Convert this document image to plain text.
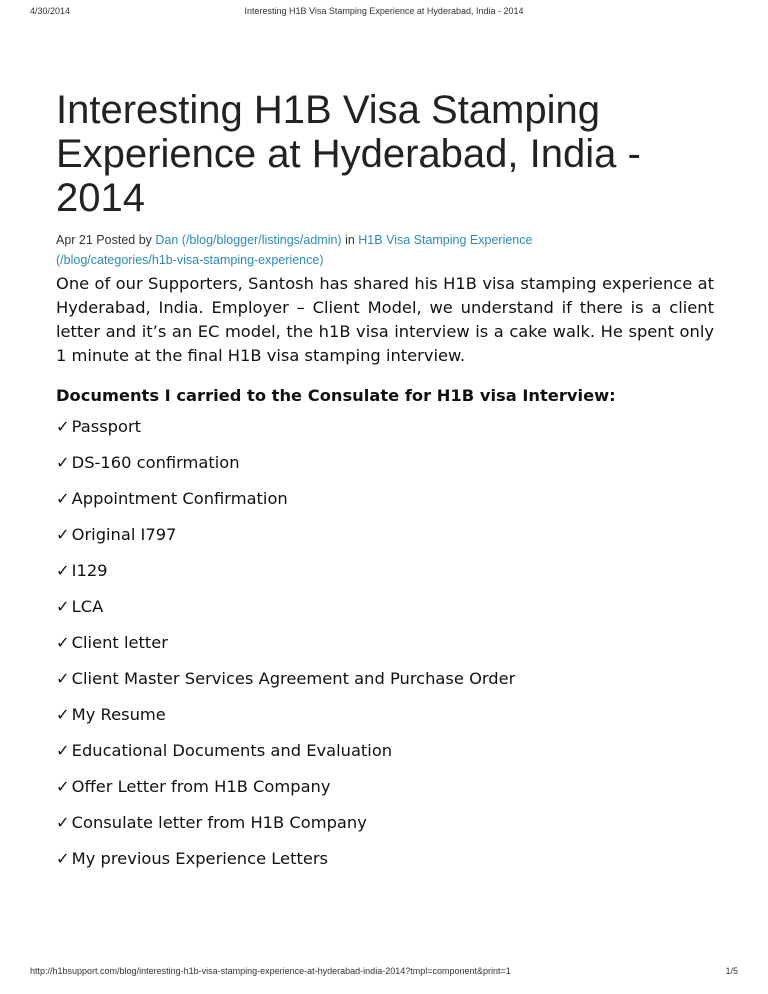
4/30/2014	Interesting H1B Visa Stamping Experience at Hyderabad, India - 2014
Interesting H1B Visa Stamping Experience at Hyderabad, India - 2014
Apr 21 Posted by Dan (/blog/blogger/listings/admin) in H1B Visa Stamping Experience
(/blog/categories/h1b-visa-stamping-experience)

One of our Supporters, Santosh has shared his H1B visa stamping experience at Hyderabad, India. Employer – Client Model, we understand if there is a client letter and it’s an EC model, the h1B visa interview is a cake walk. He spent only 1 minute at the final H1B visa stamping interview.

Documents I carried to the Consulate for H1B visa Interview:
✓ Passport
✓ DS-160 confirmation
✓ Appointment Confirmation
✓ Original I797
✓ I129
✓ LCA
✓ Client letter
✓ Client Master Services Agreement and Purchase Order
✓ My Resume
✓ Educational Documents and Evaluation
✓ Offer Letter from H1B Company
✓ Consulate letter from H1B Company
✓ My previous Experience Letters
http://h1bsupport.com/blog/interesting-h1b-visa-stamping-experience-at-hyderabad-india-2014?tmpl=component&print=1	1/5
